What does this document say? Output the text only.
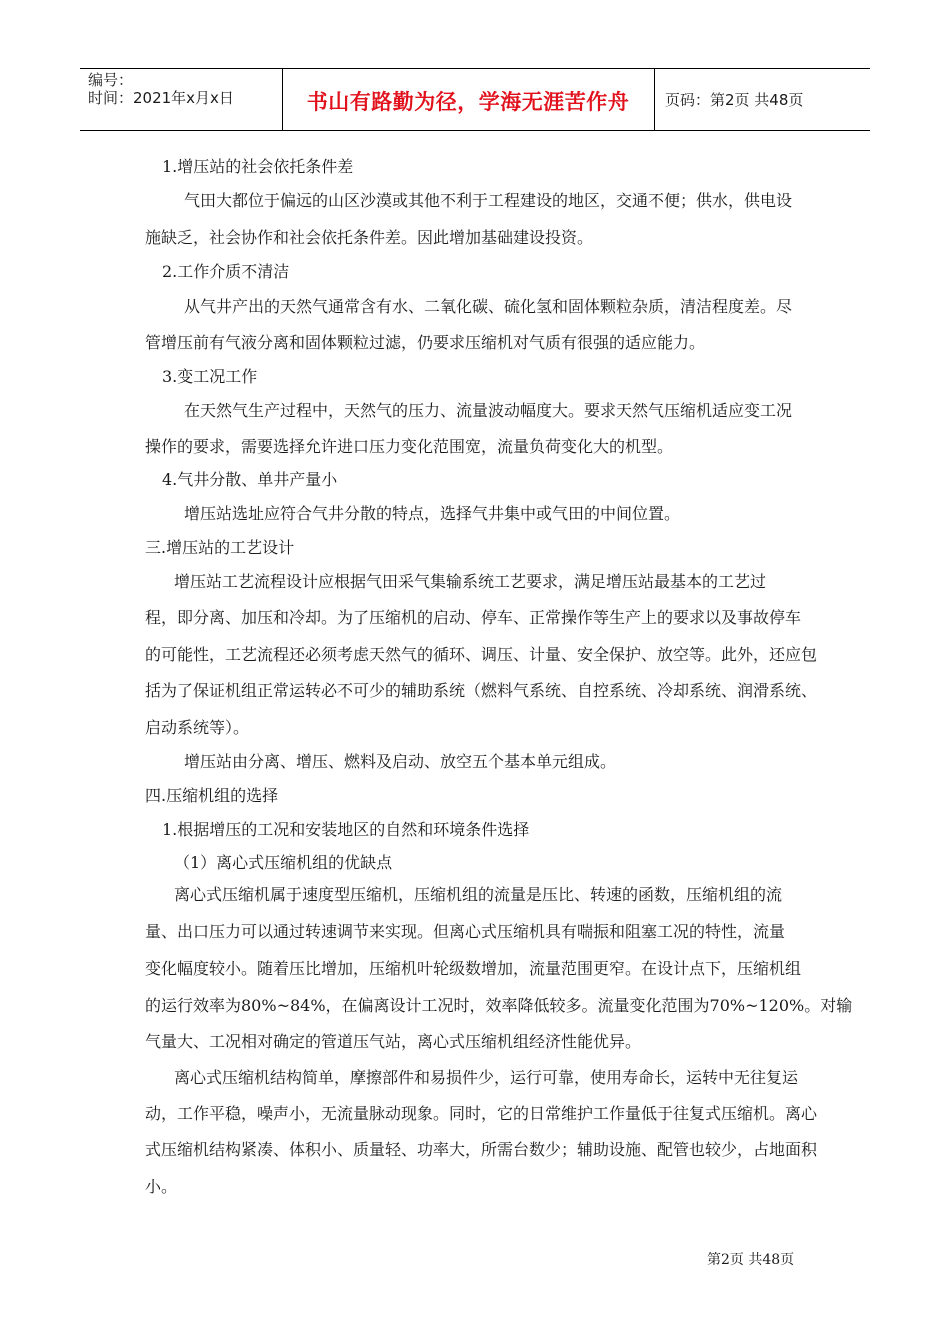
编号：
时间：2021年x月x日	书山有路勤为径，学海无涯苦作舟	页码：第2页 共48页
1.增压站的社会依托条件差
气田大都位于偏远的山区沙漠或其他不利于工程建设的地区，交通不便；供水，供电设
施缺乏，社会协作和社会依托条件差。因此增加基础建设投资。
2.工作介质不清洁
从气井产出的天然气通常含有水、二氧化碳、硫化氢和固体颗粒杂质，清洁程度差。尽
管增压前有气液分离和固体颗粒过滤，仍要求压缩机对气质有很强的适应能力。
3.变工况工作
在天然气生产过程中，天然气的压力、流量波动幅度大。要求天然气压缩机适应变工况
操作的要求，需要选择允许进口压力变化范围宽，流量负荷变化大的机型。
4.气井分散、单井产量小
增压站选址应符合气井分散的特点，选择气井集中或气田的中间位置。
三.增压站的工艺设计
增压站工艺流程设计应根据气田采气集输系统工艺要求，满足增压站最基本的工艺过
程，即分离、加压和冷却。为了压缩机的启动、停车、正常操作等生产上的要求以及事故停车
的可能性，工艺流程还必须考虑天然气的循环、调压、计量、安全保护、放空等。此外，还应包
括为了保证机组正常运转必不可少的辅助系统（燃料气系统、自控系统、冷却系统、润滑系统、
启动系统等）。
增压站由分离、增压、燃料及启动、放空五个基本单元组成。
四.压缩机组的选择
1.根据增压的工况和安装地区的自然和环境条件选择
（1）离心式压缩机组的优缺点
离心式压缩机属于速度型压缩机，压缩机组的流量是压比、转速的函数，压缩机组的流
量、出口压力可以通过转速调节来实现。但离心式压缩机具有喘振和阻塞工况的特性，流量
变化幅度较小。随着压比增加，压缩机叶轮级数增加，流量范围更窄。在设计点下，压缩机组
的运行效率为80%~84%，在偏离设计工况时，效率降低较多。流量变化范围为70%~120%。对输
气量大、工况相对确定的管道压气站，离心式压缩机组经济性能优异。
离心式压缩机结构简单，摩擦部件和易损件少，运行可靠，使用寿命长，运转中无往复运
动，工作平稳，噪声小，无流量脉动现象。同时，它的日常维护工作量低于往复式压缩机。离心
式压缩机结构紧凑、体积小、质量轻、功率大，所需台数少；辅助设施、配管也较少，占地面积
小。
第2页 共48页
